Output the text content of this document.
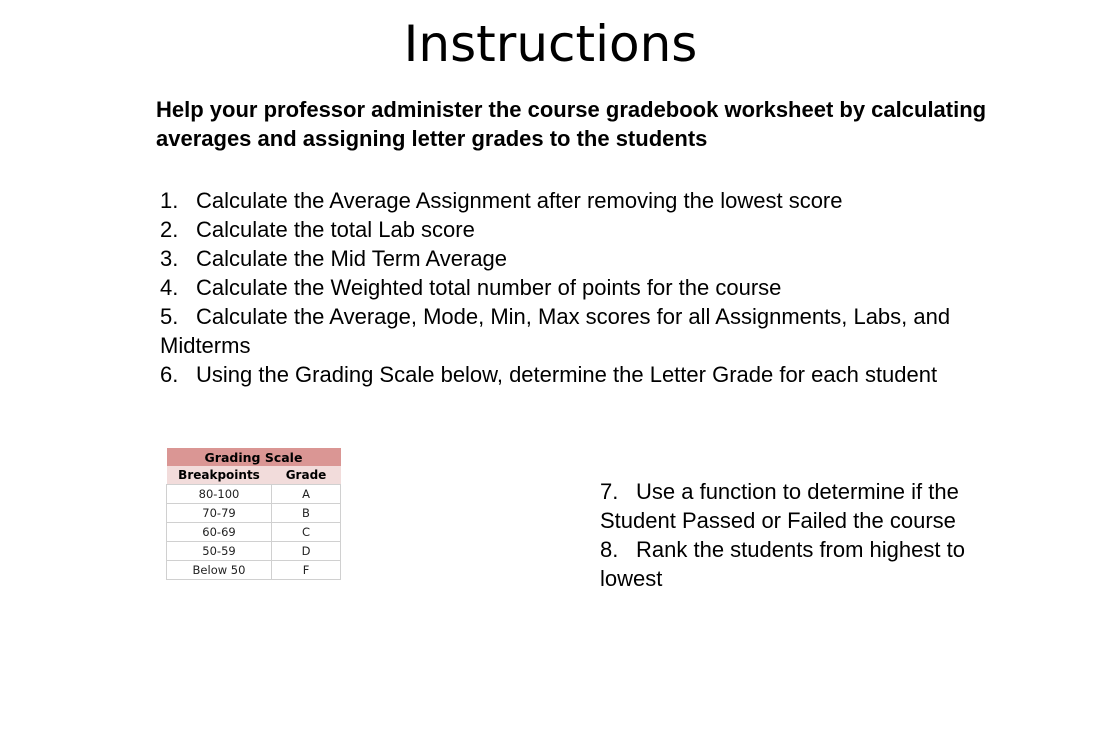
Instructions

Help your professor administer the course gradebook worksheet by calculating averages and assigning letter grades to the students

1. Calculate the Average Assignment after removing the lowest score
2. Calculate the total Lab score
3. Calculate the Mid Term Average
4. Calculate the Weighted total number of points for the course
5. Calculate the Average, Mode, Min, Max scores for all Assignments, Labs, and Midterms
6. Using the Grading Scale below, determine the Letter Grade for each student
Grading Scale	
Breakpoints	Grade
80-100	A
70-79	B
60-69	C
50-59	D
Below 50	F
7. Use a function to determine if the Student Passed or Failed the course
8. Rank the students from highest to lowest
